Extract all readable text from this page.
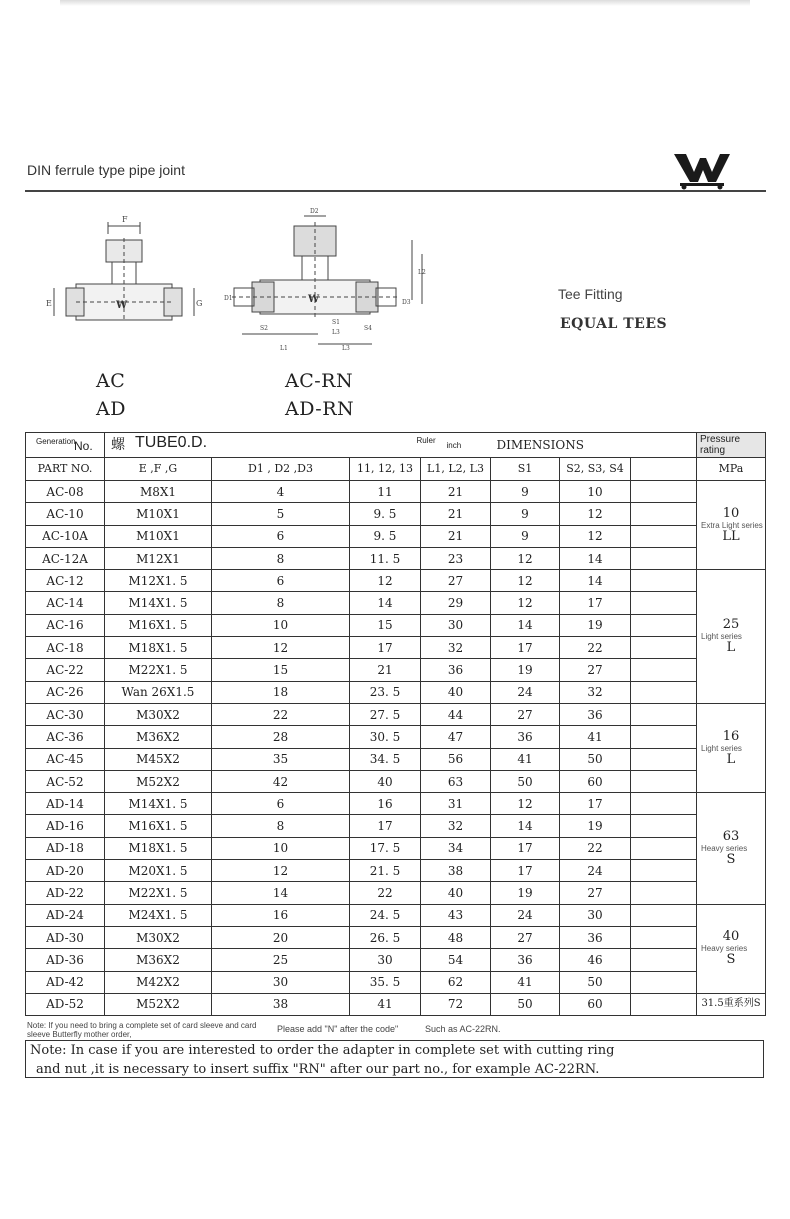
DIN ferrule type pipe joint
F
E	G
W
D2
L2
D1
S2
L1
S1
L3
S4
D3
L3
W
AC
AD
AC-RN
AD-RN
Tee Fitting
EQUAL TEES
Generation
No.	螺 TUBE0.D.			Ruler
inch DIMENSIONS				Pressure rating
PART NO.	E ,F ,G	D1 , D2 ,D3	11, 12, 13	L1, L2, L3	S1	S2, S3, S4		MPa
AC-08	M8X1	4	11	21	9	10		10
Extra Light series
LL

AC-10	M10X1	5	9. 5	21	9	12		
AC-10A	M10X1	6	9. 5	21	9	12		
AC-12A	M12X1	8	11. 5	23	12	14		
AC-12	M12X1. 5	6	12	27	12	14		25
Light series
L

AC-14	M14X1. 5	8	14	29	12	17		
AC-16	M16X1. 5	10	15	30	14	19		
AC-18	M18X1. 5	12	17	32	17	22		
AC-22	M22X1. 5	15	21	36	19	27		
AC-26	Wan 26X1.5	18	23. 5	40	24	32		
AC-30	M30X2	22	27. 5	44	27	36		16
Light series
L

AC-36	M36X2	28	30. 5	47	36	41		
AC-45	M45X2	35	34. 5	56	41	50		
AC-52	M52X2	42	40	63	50	60		
AD-14	M14X1. 5	6	16	31	12	17		63
Heavy series
S

AD-16	M16X1. 5	8	17	32	14	19		
AD-18	M18X1. 5	10	17. 5	34	17	22		
AD-20	M20X1. 5	12	21. 5	38	17	24		
AD-22	M22X1. 5	14	22	40	19	27		
AD-24	M24X1. 5	16	24. 5	43	24	30		40
Heavy series
S

AD-30	M30X2	20	26. 5	48	27	36		
AD-36	M36X2	25	30	54	36	46		
AD-42	M42X2	30	35. 5	62	41	50		
AD-52	M52X2	38	41	72	50	60		31.5重系列S
Note: If you need to bring a complete set of card sleeve and card sleeve Butterfly mother order,
Please add "N" after the code"	Such as AC-22RN.
Note: In case if you are interested to order the adapter in complete set with cutting ring
and nut ,it is necessary to insert suffix "RN" after our part no., for example AC-22RN.
